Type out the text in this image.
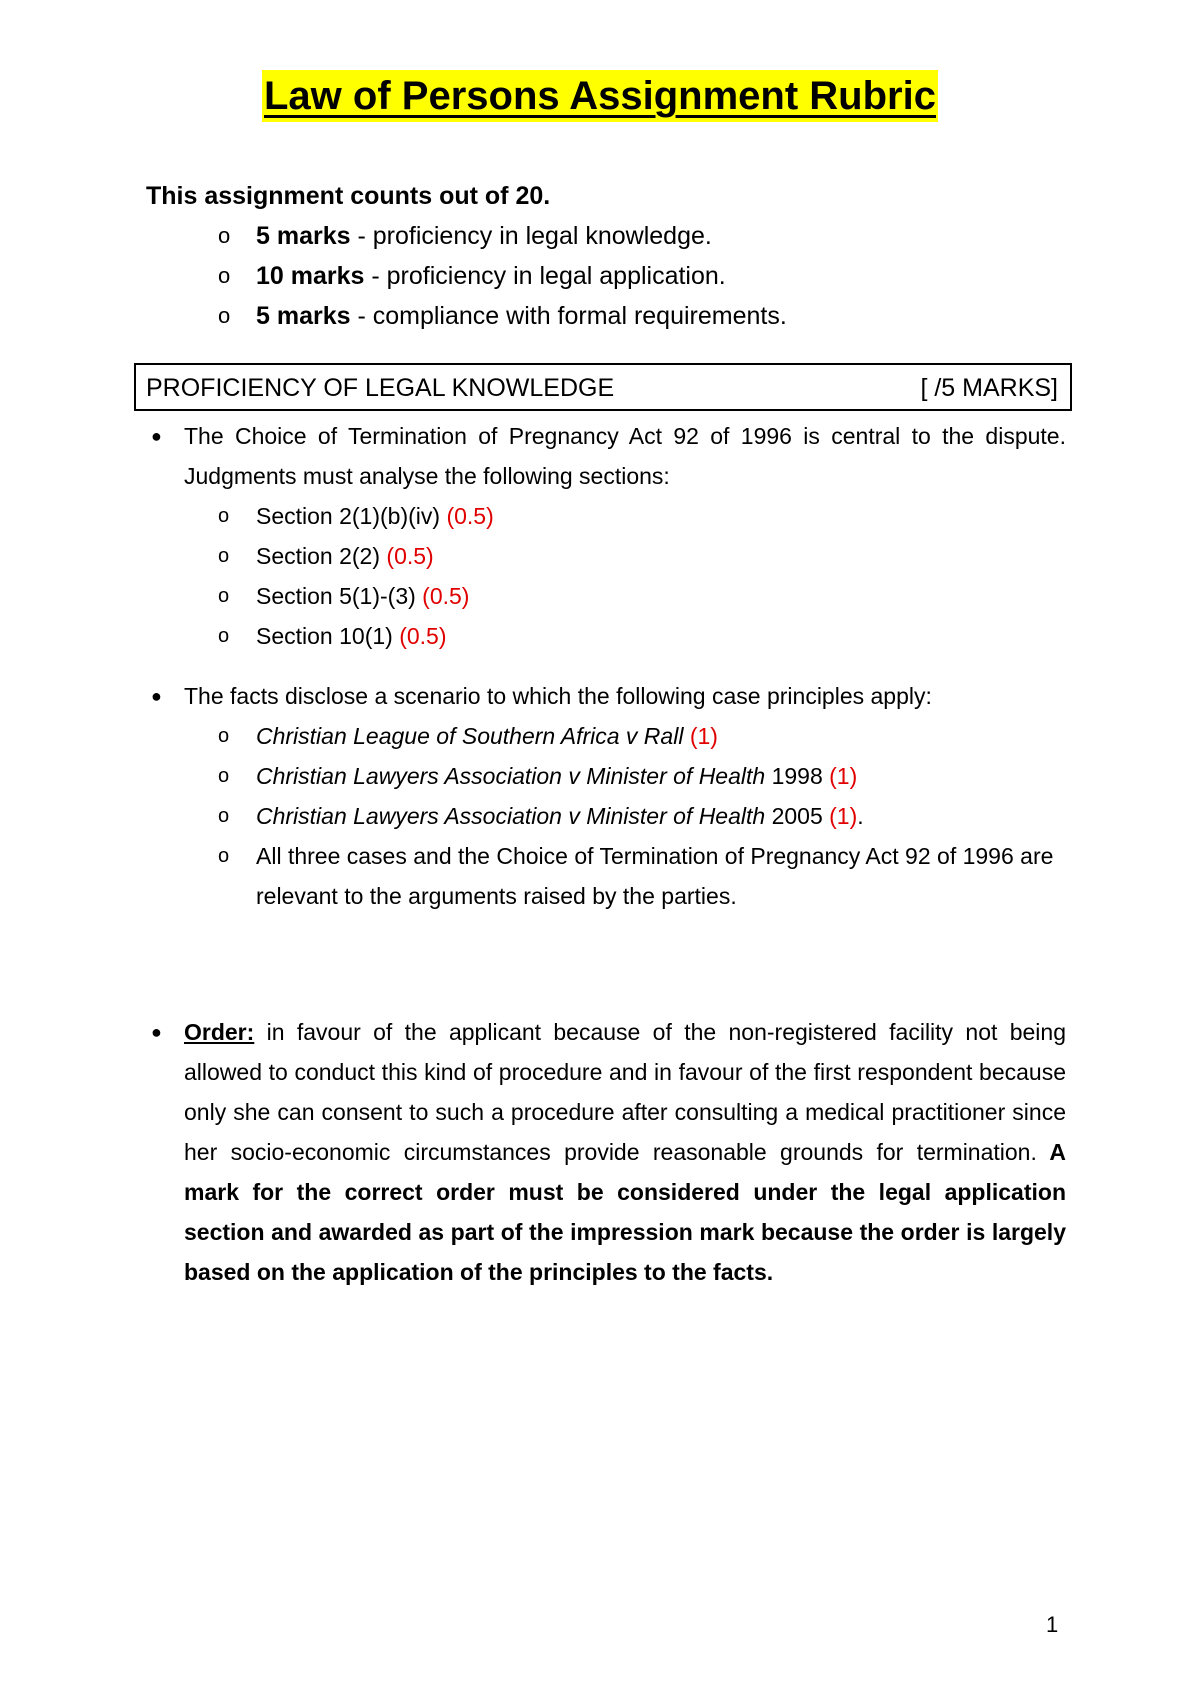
Law of Persons Assignment Rubric
This assignment counts out of 20.
o 5 marks - proficiency in legal knowledge.
o 10 marks - proficiency in legal application.
o 5 marks - compliance with formal requirements.
PROFICIENCY OF LEGAL KNOWLEDGE	[ /5 MARKS]
● The Choice of Termination of Pregnancy Act 92 of 1996 is central to the dispute. Judgments must analyse the following sections:
o Section 2(1)(b)(iv) (0.5)
o Section 2(2) (0.5)
o Section 5(1)-(3) (0.5)
o Section 10(1) (0.5)
● The facts disclose a scenario to which the following case principles apply:
o Christian League of Southern Africa v Rall (1)
o Christian Lawyers Association v Minister of Health 1998 (1)
o Christian Lawyers Association v Minister of Health 2005 (1).
o All three cases and the Choice of Termination of Pregnancy Act 92 of 1996 are relevant to the arguments raised by the parties.
● Order: in favour of the applicant because of the non-registered facility not being allowed to conduct this kind of procedure and in favour of the first respondent because only she can consent to such a procedure after consulting a medical practitioner since her socio-economic circumstances provide reasonable grounds for termination. A mark for the correct order must be considered under the legal application section and awarded as part of the impression mark because the order is largely based on the application of the principles to the facts.
1
